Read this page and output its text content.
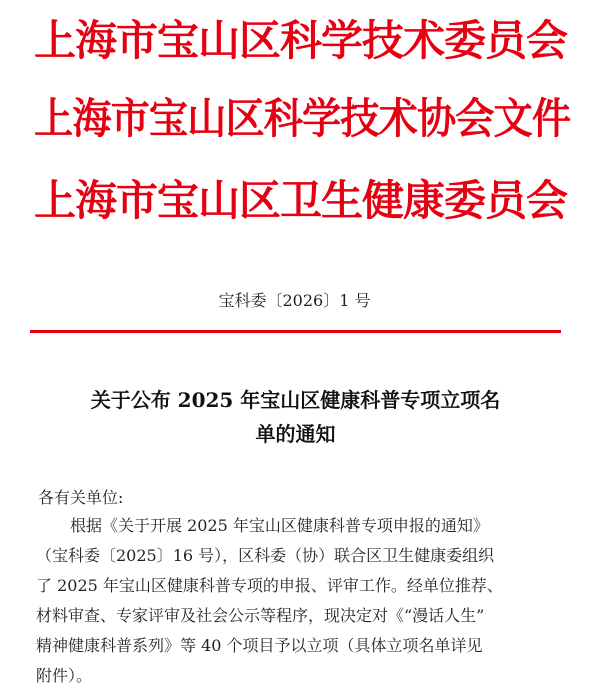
上海市宝山区科学技术委员会
上海市宝山区科学技术协会文件
上海市宝山区卫生健康委员会
宝科委〔2026〕1 号
关于公布 2025 年宝山区健康科普专项立项名
单的通知
各有关单位:
根据《关于开展 2025 年宝山区健康科普专项申报的通知》
（宝科委〔2025〕16 号），区科委（协）联合区卫生健康委组织
了 2025 年宝山区健康科普专项的申报、评审工作。经单位推荐、
材料审查、专家评审及社会公示等程序，现决定对《“漫话人生”
精神健康科普系列》等 40 个项目予以立项（具体立项名单详见
附件）。
